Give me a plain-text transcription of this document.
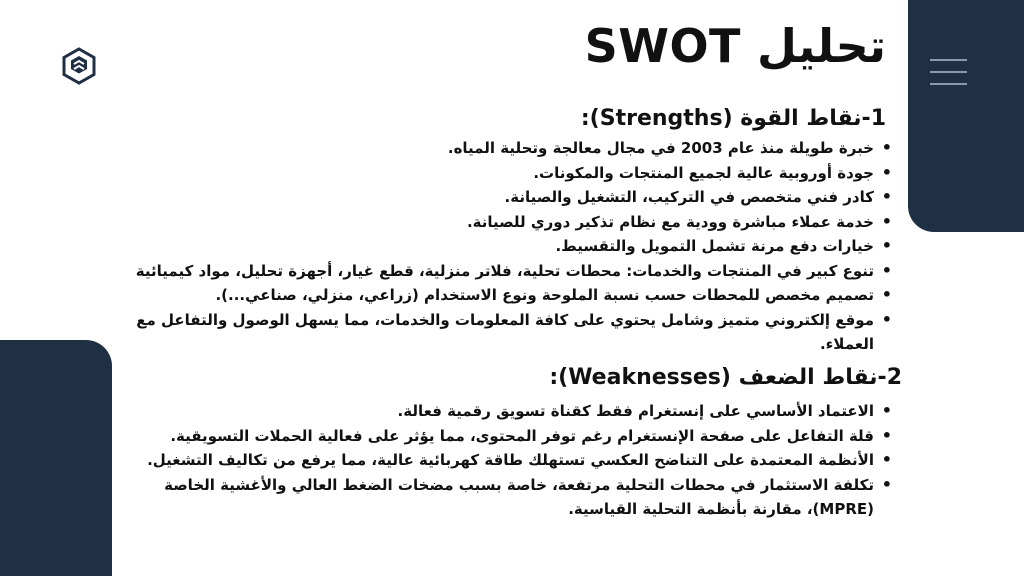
تحليل SWOT
1-نقاط القوة (Strengths):
• خبرة طويلة منذ عام 2003 في مجال معالجة وتحلية المياه.
• جودة أوروبية عالية لجميع المنتجات والمكونات.
• كادر فني متخصص في التركيب، التشغيل والصيانة.
• خدمة عملاء مباشرة وودية مع نظام تذكير دوري للصيانة.
• خيارات دفع مرنة تشمل التمويل والتقسيط.
• تنوع كبير في المنتجات والخدمات: محطات تحلية، فلاتر منزلية، قطع غيار، أجهزة تحليل، مواد كيميائية
• تصميم مخصص للمحطات حسب نسبة الملوحة ونوع الاستخدام (زراعي، منزلي، صناعي...).
• موقع إلكتروني متميز وشامل يحتوي على كافة المعلومات والخدمات، مما يسهل الوصول والتفاعل مع العملاء.
2-نقاط الضعف (Weaknesses):
• الاعتماد الأساسي على إنستغرام فقط كقناة تسويق رقمية فعالة.
• قلة التفاعل على صفحة الإنستغرام رغم توفر المحتوى، مما يؤثر على فعالية الحملات التسويقية.
• الأنظمة المعتمدة على التناضح العكسي تستهلك طاقة كهربائية عالية، مما يرفع من تكاليف التشغيل.
• تكلفة الاستثمار في محطات التحلية مرتفعة، خاصة بسبب مضخات الضغط العالي والأغشية الخاصة (MPRE)، مقارنة بأنظمة التحلية القياسية.
